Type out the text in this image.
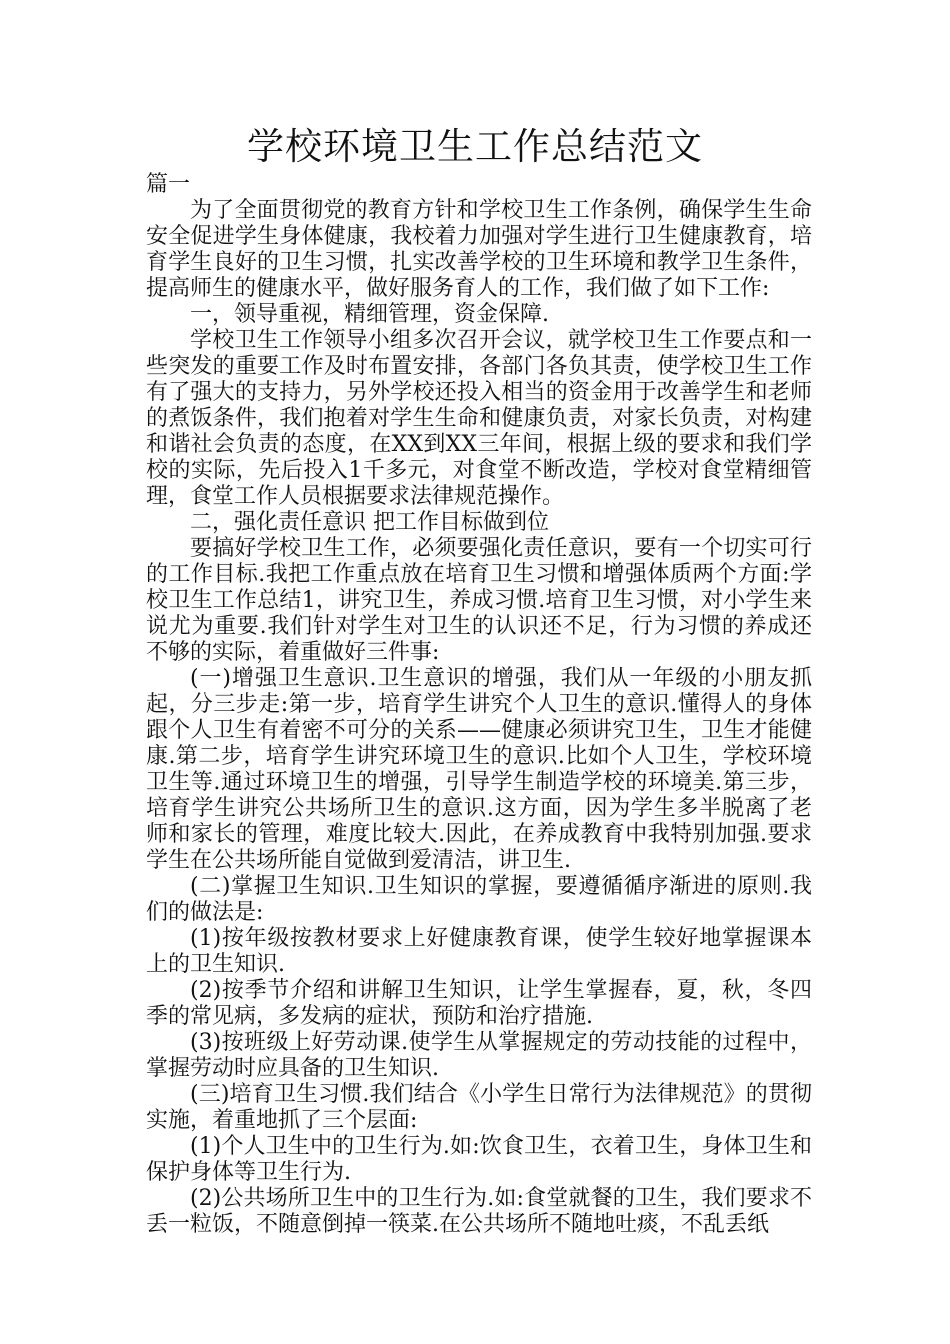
学校环境卫生工作总结范文

篇一

为了全面贯彻党的教育方针和学校卫生工作条例，确保学生生命安全促进学生身体健康，我校着力加强对学生进行卫生健康教育，培育学生良好的卫生习惯，扎实改善学校的卫生环境和教学卫生条件，提高师生的健康水平，做好服务育人的工作，我们做了如下工作:

一，领导重视，精细管理，资金保障.

学校卫生工作领导小组多次召开会议，就学校卫生工作要点和一些突发的重要工作及时布置安排，各部门各负其责，使学校卫生工作有了强大的支持力，另外学校还投入相当的资金用于改善学生和老师的煮饭条件，我们抱着对学生生命和健康负责，对家长负责，对构建和谐社会负责的态度，在XX到XX三年间，根据上级的要求和我们学校的实际，先后投入1千多元，对食堂不断改造，学校对食堂精细管理，食堂工作人员根据要求法律规范操作。

二，强化责任意识 把工作目标做到位

要搞好学校卫生工作，必须要强化责任意识，要有一个切实可行的工作目标.我把工作重点放在培育卫生习惯和增强体质两个方面:学校卫生工作总结1，讲究卫生，养成习惯.培育卫生习惯，对小学生来说尤为重要.我们针对学生对卫生的认识还不足，行为习惯的养成还不够的实际，着重做好三件事:

(一)增强卫生意识.卫生意识的增强，我们从一年级的小朋友抓起，分三步走:第一步，培育学生讲究个人卫生的意识.懂得人的身体跟个人卫生有着密不可分的关系——健康必须讲究卫生，卫生才能健康.第二步，培育学生讲究环境卫生的意识.比如个人卫生，学校环境卫生等.通过环境卫生的增强，引导学生制造学校的环境美.第三步，培育学生讲究公共场所卫生的意识.这方面，因为学生多半脱离了老师和家长的管理，难度比较大.因此，在养成教育中我特别加强.要求学生在公共场所能自觉做到爱清洁，讲卫生.

(二)掌握卫生知识.卫生知识的掌握，要遵循循序渐进的原则.我们的做法是:

(1)按年级按教材要求上好健康教育课，使学生较好地掌握课本上的卫生知识.

(2)按季节介绍和讲解卫生知识，让学生掌握春，夏，秋，冬四季的常见病，多发病的症状，预防和治疗措施.

(3)按班级上好劳动课.使学生从掌握规定的劳动技能的过程中，掌握劳动时应具备的卫生知识.

(三)培育卫生习惯.我们结合《小学生日常行为法律规范》的贯彻实施，着重地抓了三个层面:

(1)个人卫生中的卫生行为.如:饮食卫生，衣着卫生，身体卫生和保护身体等卫生行为.

(2)公共场所卫生中的卫生行为.如:食堂就餐的卫生，我们要求不丢一粒饭，不随意倒掉一筷菜.在公共场所不随地吐痰，不乱丢纸
